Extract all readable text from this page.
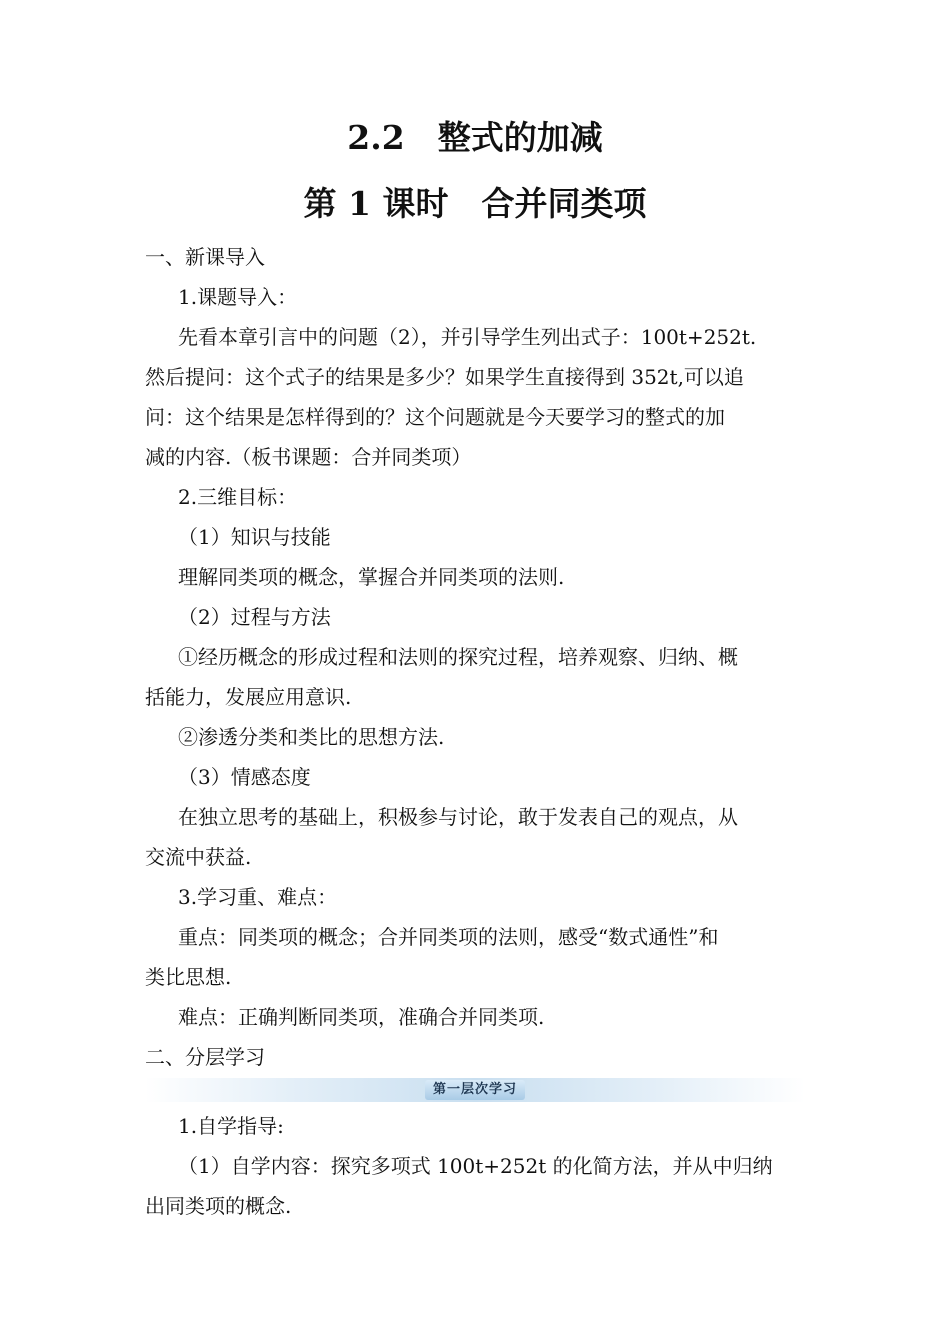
2.2　整式的加减
第 1 课时　合并同类项
一、新课导入
1.课题导入：
先看本章引言中的问题（2），并引导学生列出式子：100t+252t.
然后提问：这个式子的结果是多少？如果学生直接得到 352t,可以追
问：这个结果是怎样得到的？这个问题就是今天要学习的整式的加
减的内容.（板书课题：合并同类项）
2.三维目标：
（1）知识与技能
理解同类项的概念，掌握合并同类项的法则.
（2）过程与方法
①经历概念的形成过程和法则的探究过程，培养观察、归纳、概
括能力，发展应用意识.
②渗透分类和类比的思想方法.
（3）情感态度
在独立思考的基础上，积极参与讨论，敢于发表自己的观点，从
交流中获益.
3.学习重、难点：
重点：同类项的概念；合并同类项的法则，感受“数式通性”和
类比思想.
难点：正确判断同类项，准确合并同类项.
二、分层学习
第一层次学习
1.自学指导:
（1）自学内容：探究多项式 100t+252t 的化简方法，并从中归纳
出同类项的概念.
